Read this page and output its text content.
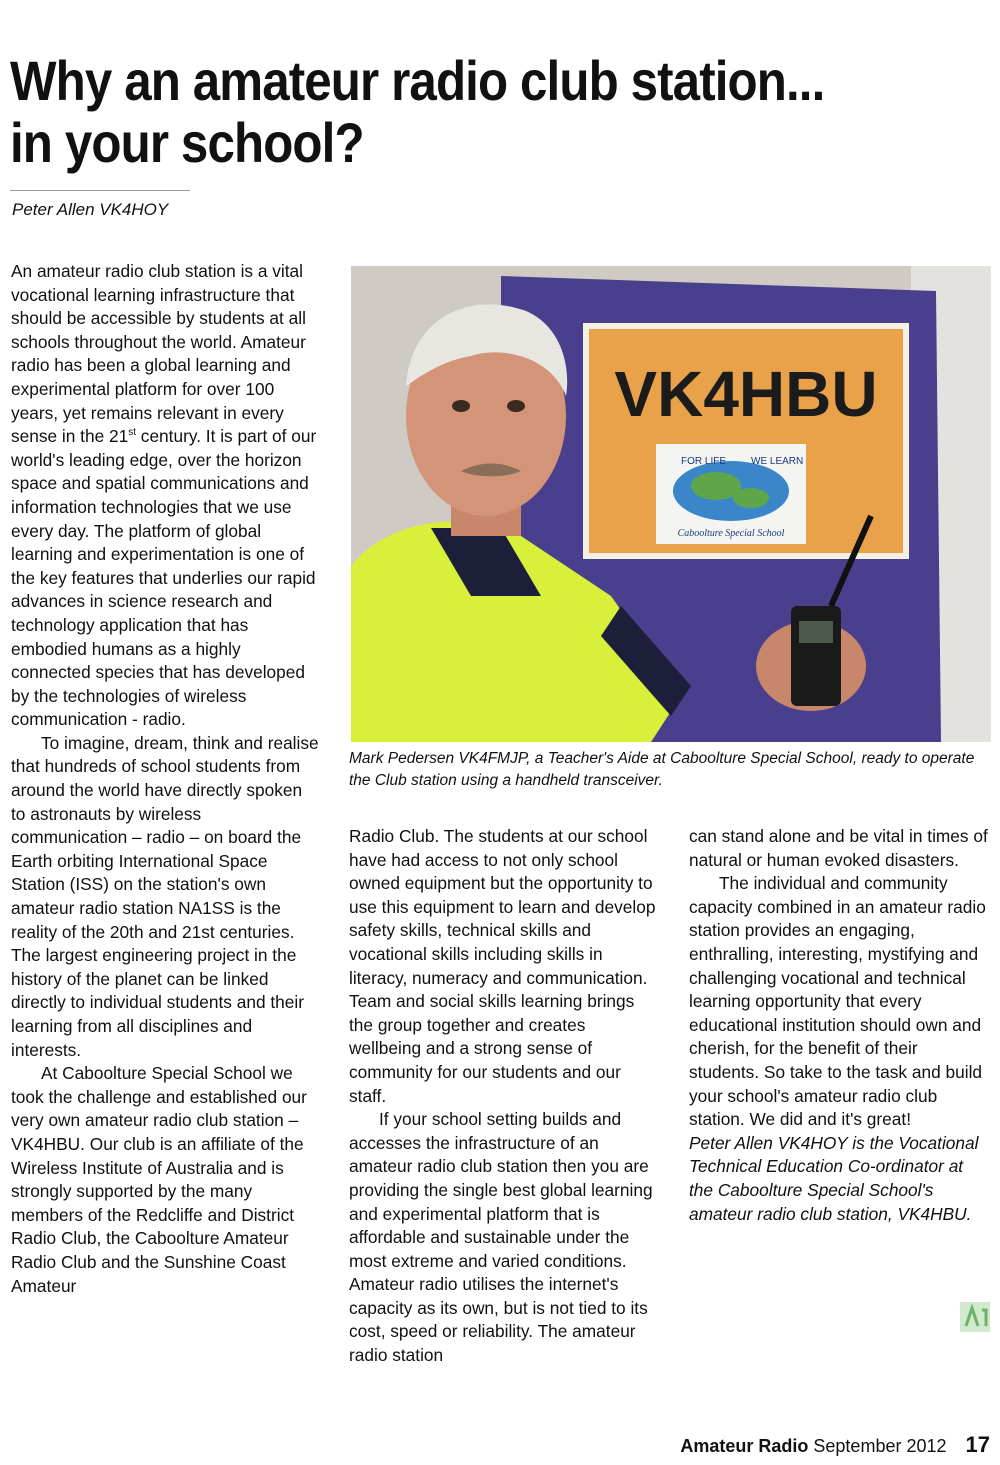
Why an amateur radio club station...
in your school?
Peter Allen VK4HOY

An amateur radio club station is a vital vocational learning infrastructure that should be accessible by students at all schools throughout the world. Amateur radio has been a global learning and experimental platform for over 100 years, yet remains relevant in every sense in the 21st century. It is part of our world's leading edge, over the horizon space and spatial communications and information technologies that we use every day. The platform of global learning and experimentation is one of the key features that underlies our rapid advances in science research and technology application that has embodied humans as a highly connected species that has developed by the technologies of wireless communication - radio.

To imagine, dream, think and realise that hundreds of school students from around the world have directly spoken to astronauts by wireless communication – radio – on board the Earth orbiting International Space Station (ISS) on the station's own amateur radio station NA1SS is the reality of the 20th and 21st centuries. The largest engineering project in the history of the planet can be linked directly to individual students and their learning from all disciplines and interests.

At Caboolture Special School we took the challenge and established our very own amateur radio club station – VK4HBU. Our club is an affiliate of the Wireless Institute of Australia and is strongly supported by the many members of the Redcliffe and District Radio Club, the Caboolture Amateur Radio Club and the Sunshine Coast Amateur

VK4HBU
FOR LIFE WE LEARN
Caboolture Special School
Mark Pedersen VK4FMJP, a Teacher's Aide at Caboolture Special School, ready to operate the Club station using a handheld transceiver.

Radio Club. The students at our school have had access to not only school owned equipment but the opportunity to use this equipment to learn and develop safety skills, technical skills and vocational skills including skills in literacy, numeracy and communication. Team and social skills learning brings the group together and creates wellbeing and a strong sense of community for our students and our staff.

If your school setting builds and accesses the infrastructure of an amateur radio club station then you are providing the single best global learning and experimental platform that is affordable and sustainable under the most extreme and varied conditions. Amateur radio utilises the internet's capacity as its own, but is not tied to its cost, speed or reliability. The amateur radio station

can stand alone and be vital in times of natural or human evoked disasters.

The individual and community capacity combined in an amateur radio station provides an engaging, enthralling, interesting, mystifying and challenging vocational and technical learning opportunity that every educational institution should own and cherish, for the benefit of their students. So take to the task and build your school's amateur radio club station. We did and it's great!

Peter Allen VK4HOY is the Vocational Technical Education Co-ordinator at the Caboolture Special School's amateur radio club station, VK4HBU.

Amateur Radio September 2012 17
